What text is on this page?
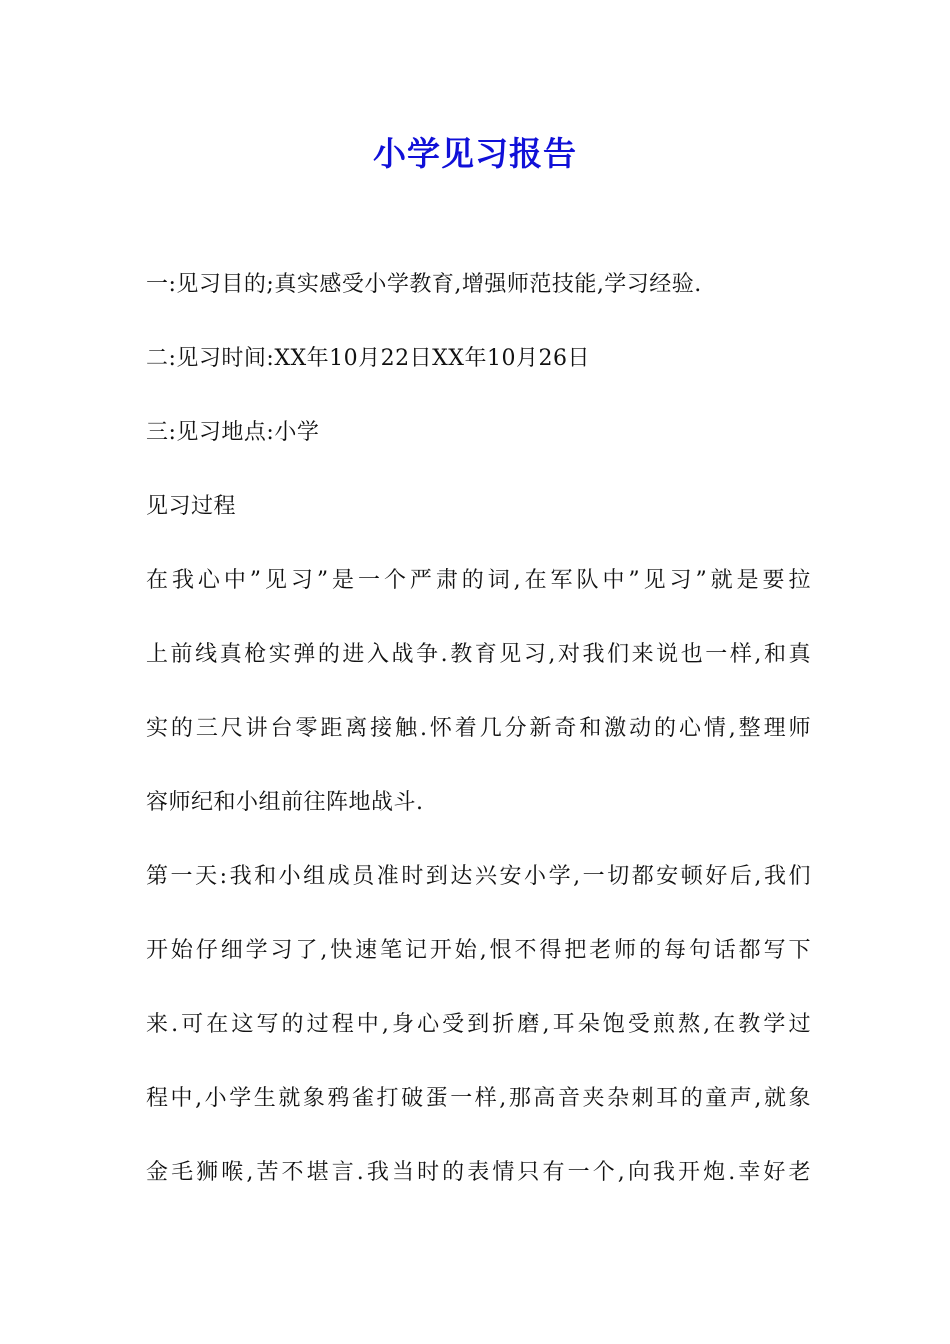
小学见习报告
一:见习目的;真实感受小学教育,增强师范技能,学习经验.
二:见习时间:XX年10月22日XX年10月26日
三:见习地点:小学
见习过程
在我心中”见习”是一个严肃的词,在军队中”见习”就是要拉
上前线真枪实弹的进入战争.教育见习,对我们来说也一样,和真
实的三尺讲台零距离接触.怀着几分新奇和激动的心情,整理师
容师纪和小组前往阵地战斗.
第一天:我和小组成员准时到达兴安小学,一切都安顿好后,我们
开始仔细学习了,快速笔记开始,恨不得把老师的每句话都写下
来.可在这写的过程中,身心受到折磨,耳朵饱受煎熬,在教学过
程中,小学生就象鸦雀打破蛋一样,那高音夹杂刺耳的童声,就象
金毛狮喉,苦不堪言.我当时的表情只有一个,向我开炮.幸好老
